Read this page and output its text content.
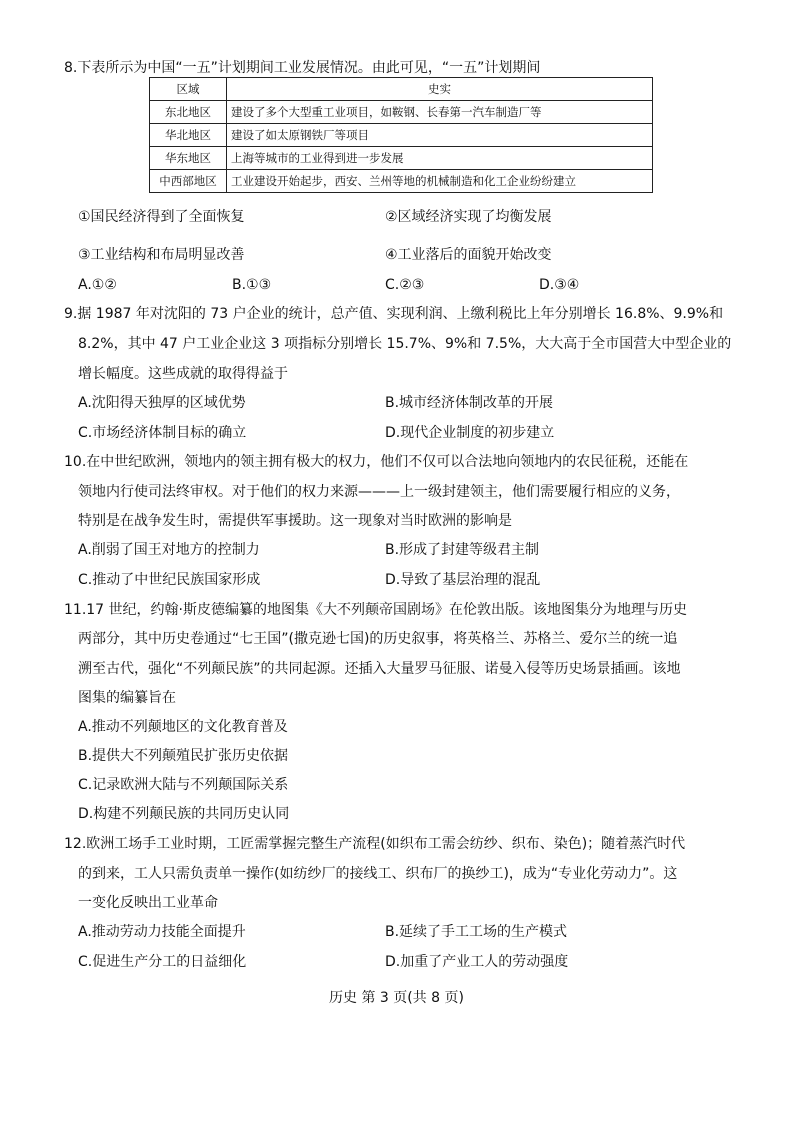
8.下表所示为中国“一五”计划期间工业发展情况。由此可见，“一五”计划期间
区域	史实
东北地区	建设了多个大型重工业项目，如鞍钢、长春第一汽车制造厂等
华北地区	建设了如太原钢铁厂等项目
华东地区	上海等城市的工业得到进一步发展
中西部地区	工业建设开始起步，西安、兰州等地的机械制造和化工企业纷纷建立
①国民经济得到了全面恢复	②区域经济实现了均衡发展
③工业结构和布局明显改善	④工业落后的面貌开始改变
A.①②	B.①③	C.②③	D.③④
9.据 1987 年对沈阳的 73 户企业的统计，总产值、实现利润、上缴利税比上年分别增长 16.8%、9.9%和
8.2%，其中 47 户工业企业这 3 项指标分别增长 15.7%、9%和 7.5%，大大高于全市国营大中型企业的
增长幅度。这些成就的取得得益于
A.沈阳得天独厚的区域优势	B.城市经济体制改革的开展
C.市场经济体制目标的确立	D.现代企业制度的初步建立
10.在中世纪欧洲，领地内的领主拥有极大的权力，他们不仅可以合法地向领地内的农民征税，还能在
领地内行使司法终审权。对于他们的权力来源———上一级封建领主，他们需要履行相应的义务，
特别是在战争发生时，需提供军事援助。这一现象对当时欧洲的影响是
A.削弱了国王对地方的控制力	B.形成了封建等级君主制
C.推动了中世纪民族国家形成	D.导致了基层治理的混乱
11.17 世纪，约翰·斯皮德编纂的地图集《大不列颠帝国剧场》在伦敦出版。该地图集分为地理与历史
两部分，其中历史卷通过“七王国”(撒克逊七国)的历史叙事，将英格兰、苏格兰、爱尔兰的统一追
溯至古代，强化“不列颠民族”的共同起源。还插入大量罗马征服、诺曼入侵等历史场景插画。该地
图集的编纂旨在
A.推动不列颠地区的文化教育普及
B.提供大不列颠殖民扩张历史依据
C.记录欧洲大陆与不列颠国际关系
D.构建不列颠民族的共同历史认同
12.欧洲工场手工业时期，工匠需掌握完整生产流程(如织布工需会纺纱、织布、染色)；随着蒸汽时代
的到来，工人只需负责单一操作(如纺纱厂的接线工、织布厂的换纱工)，成为“专业化劳动力”。这
一变化反映出工业革命
A.推动劳动力技能全面提升	B.延续了手工工场的生产模式
C.促进生产分工的日益细化	D.加重了产业工人的劳动强度
历史 第 3 页(共 8 页)
